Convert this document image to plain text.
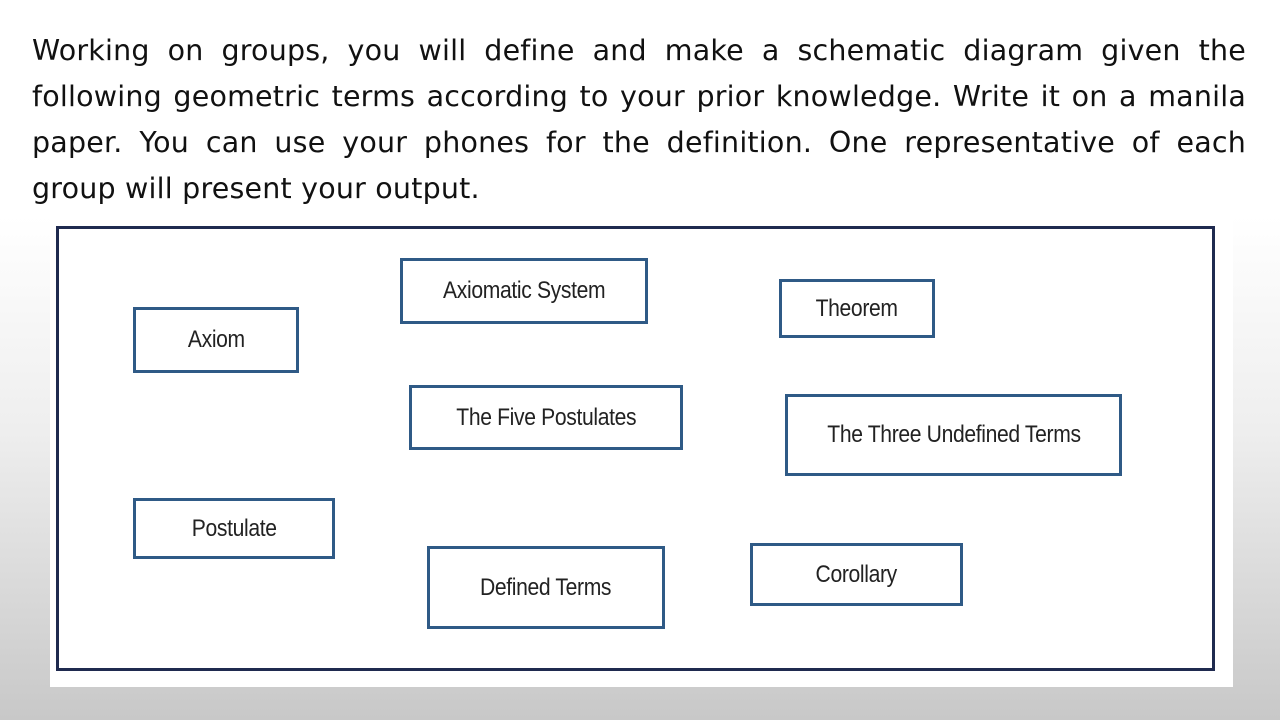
Working on groups, you will define and make a schematic diagram given the following geometric terms according to your prior knowledge. Write it on a manila paper. You can use your phones for the definition. One representative of each group will present your output.

Axiomatic System
Theorem
Axiom
The Five Postulates
The Three Undefined Terms
Postulate
Defined Terms	Corollary
